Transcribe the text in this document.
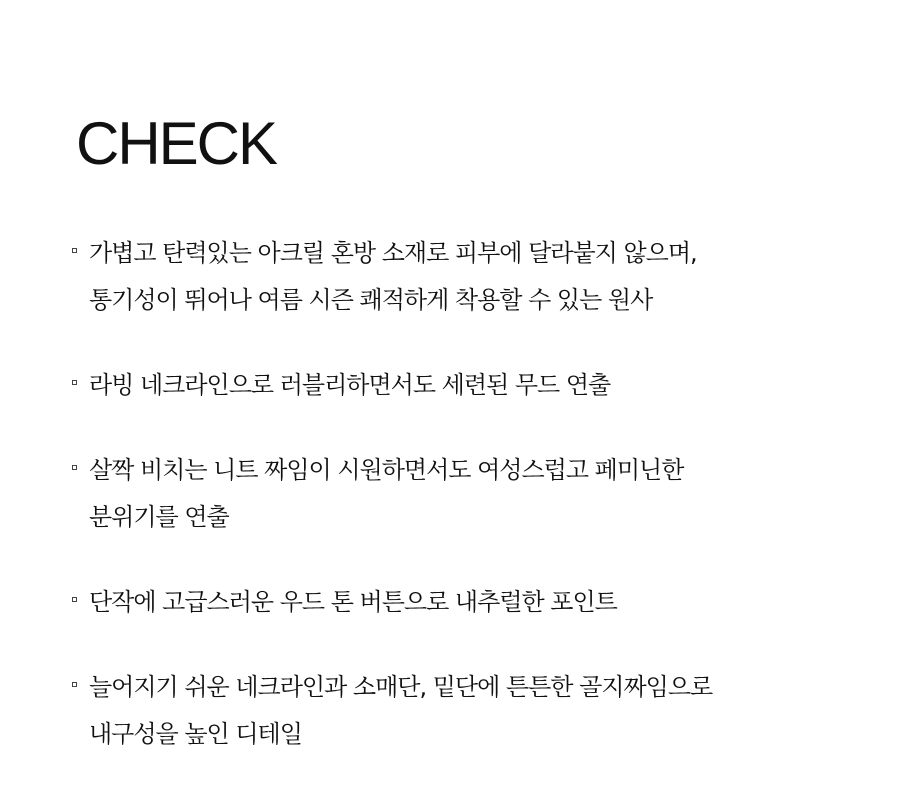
CHECK
가볍고 탄력있는 아크릴 혼방 소재로 피부에 달라붙지 않으며,
통기성이 뛰어나 여름 시즌 쾌적하게 착용할 수 있는 원사
라빙 네크라인으로 러블리하면서도 세련된 무드 연출
살짝 비치는 니트 짜임이 시원하면서도 여성스럽고 페미닌한
분위기를 연출
단작에 고급스러운 우드 톤 버튼으로 내추럴한 포인트
늘어지기 쉬운 네크라인과 소매단, 밑단에 튼튼한 골지짜임으로
내구성을 높인 디테일
